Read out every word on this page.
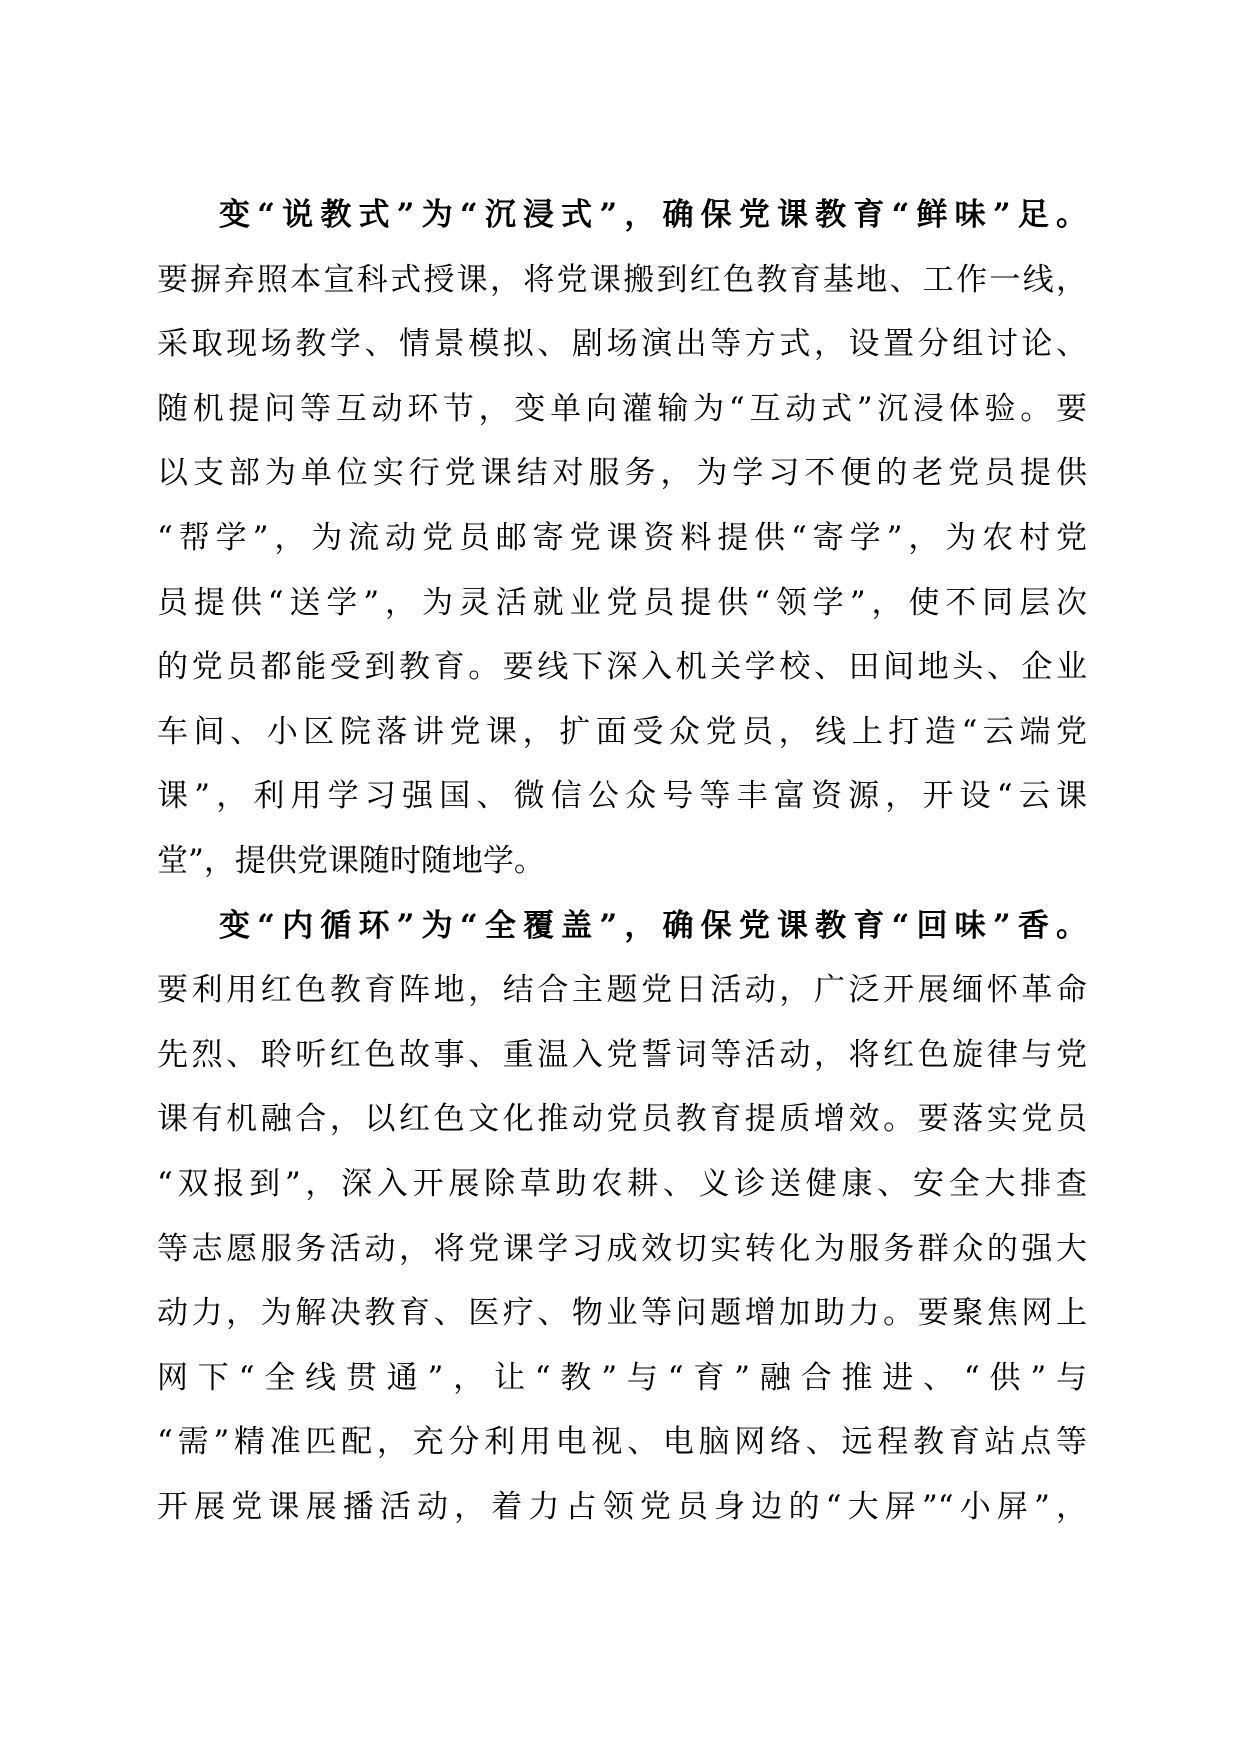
变“说教式”为“沉浸式”，确保党课教育“鲜味”足。
要摒弃照本宣科式授课，将党课搬到红色教育基地、工作一线，
采取现场教学、情景模拟、剧场演出等方式，设置分组讨论、
随机提问等互动环节，变单向灌输为“互动式”沉浸体验。要
以支部为单位实行党课结对服务，为学习不便的老党员提供
“帮学”，为流动党员邮寄党课资料提供“寄学”，为农村党
员提供“送学”，为灵活就业党员提供“领学”，使不同层次
的党员都能受到教育。要线下深入机关学校、田间地头、企业
车间、小区院落讲党课，扩面受众党员，线上打造“云端党
课”，利用学习强国、微信公众号等丰富资源，开设“云课
堂”，提供党课随时随地学。
变“内循环”为“全覆盖”，确保党课教育“回味”香。
要利用红色教育阵地，结合主题党日活动，广泛开展缅怀革命
先烈、聆听红色故事、重温入党誓词等活动，将红色旋律与党
课有机融合，以红色文化推动党员教育提质增效。要落实党员
“双报到”，深入开展除草助农耕、义诊送健康、安全大排查
等志愿服务活动，将党课学习成效切实转化为服务群众的强大
动力，为解决教育、医疗、物业等问题增加助力。要聚焦网上
网下“全线贯通”，让“教”与“育”融合推进、“供”与
“需”精准匹配，充分利用电视、电脑网络、远程教育站点等
开展党课展播活动，着力占领党员身边的“大屏”“小屏”，
